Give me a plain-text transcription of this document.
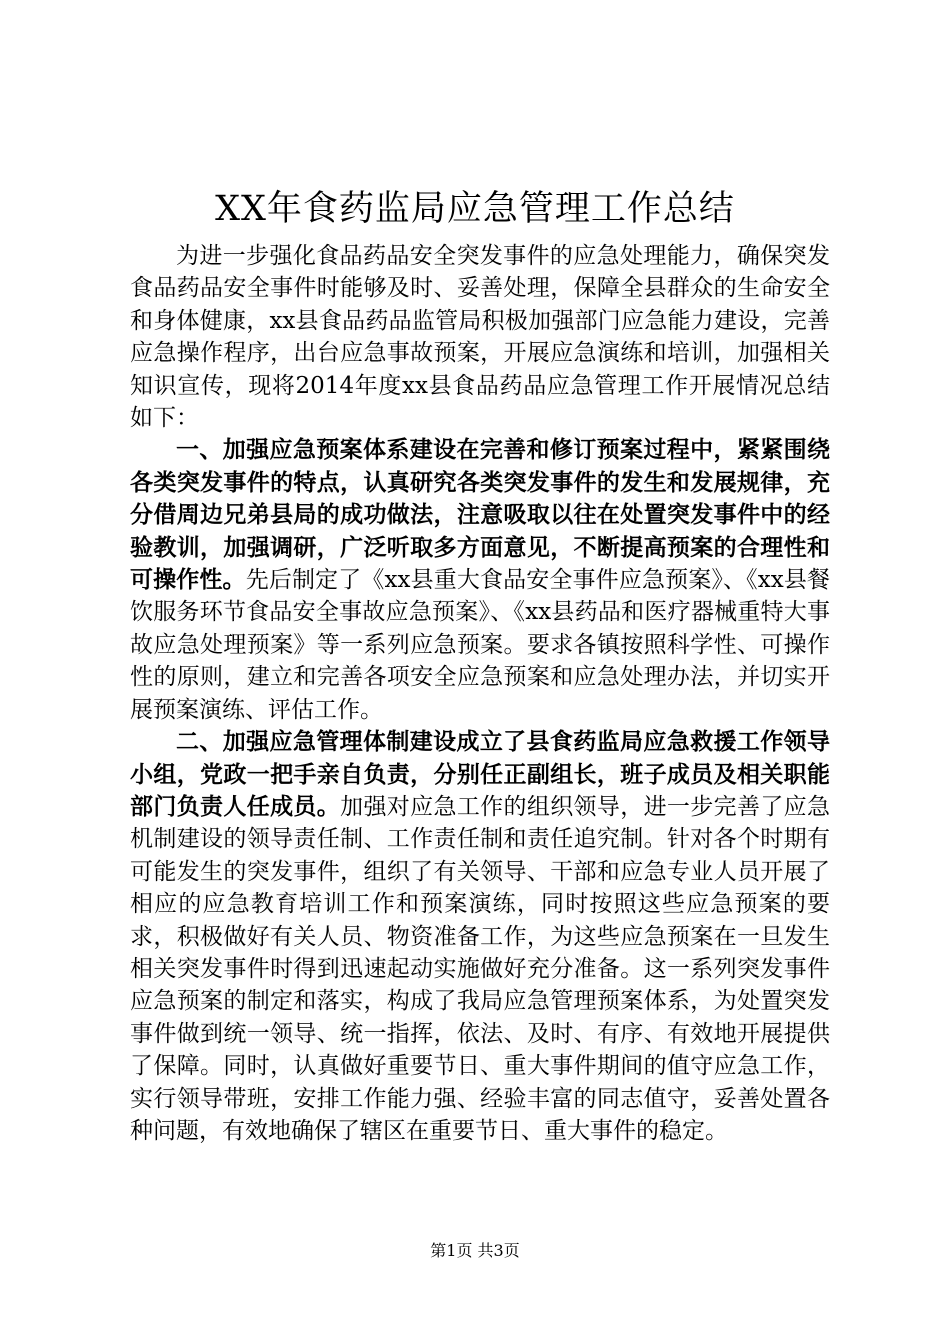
XX年食药监局应急管理工作总结

为进一步强化食品药品安全突发事件的应急处理能力，确保突发食品药品安全事件时能够及时、妥善处理，保障全县群众的生命安全和身体健康，xx县食品药品监管局积极加强部门应急能力建设，完善应急操作程序，出台应急事故预案，开展应急演练和培训，加强相关知识宣传，现将2014年度xx县食品药品应急管理工作开展情况总结如下：

一、加强应急预案体系建设在完善和修订预案过程中，紧紧围绕各类突发事件的特点，认真研究各类突发事件的发生和发展规律，充分借周边兄弟县局的成功做法，注意吸取以往在处置突发事件中的经验教训，加强调研，广泛听取多方面意见，不断提高预案的合理性和可操作性。先后制定了《xx县重大食品安全事件应急预案》、《xx县餐饮服务环节食品安全事故应急预案》、《xx县药品和医疗器械重特大事故应急处理预案》等一系列应急预案。要求各镇按照科学性、可操作性的原则，建立和完善各项安全应急预案和应急处理办法，并切实开展预案演练、评估工作。

二、加强应急管理体制建设成立了县食药监局应急救援工作领导小组，党政一把手亲自负责，分别任正副组长，班子成员及相关职能部门负责人任成员。加强对应急工作的组织领导，进一步完善了应急机制建设的领导责任制、工作责任制和责任追究制。针对各个时期有可能发生的突发事件，组织了有关领导、干部和应急专业人员开展了相应的应急教育培训工作和预案演练，同时按照这些应急预案的要求，积极做好有关人员、物资准备工作，为这些应急预案在一旦发生相关突发事件时得到迅速起动实施做好充分准备。这一系列突发事件应急预案的制定和落实，构成了我局应急管理预案体系，为处置突发事件做到统一领导、统一指挥，依法、及时、有序、有效地开展提供了保障。同时，认真做好重要节日、重大事件期间的值守应急工作，实行领导带班，安排工作能力强、经验丰富的同志值守，妥善处置各种问题，有效地确保了辖区在重要节日、重大事件的稳定。

第1页 共3页
